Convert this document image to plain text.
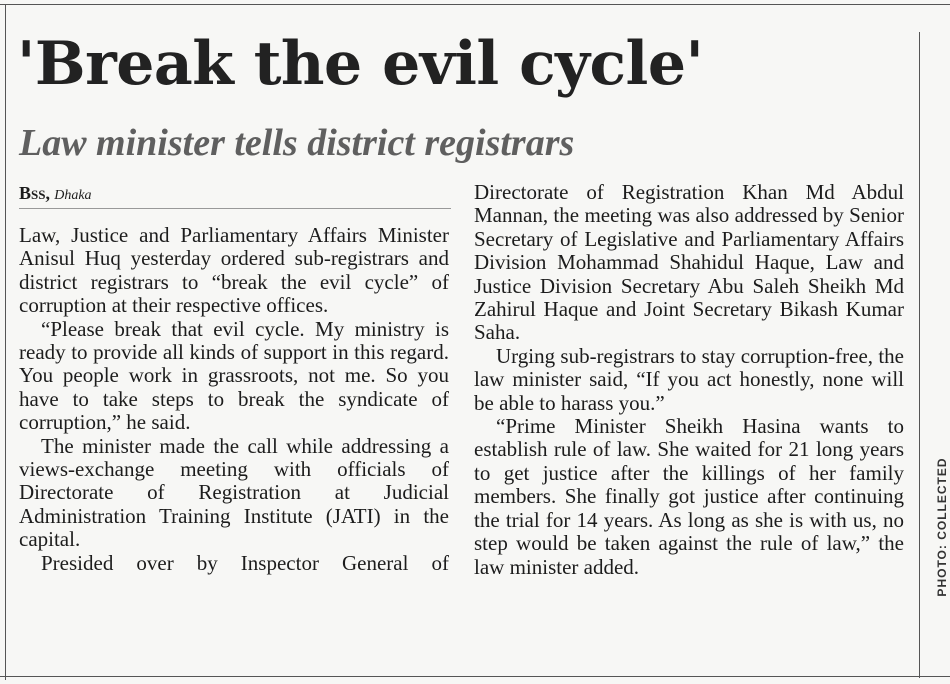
'Break the evil cycle'
Law minister tells district registrars
Bss, Dhaka

Law, Justice and Parliamentary Affairs Minister Anisul Huq yesterday ordered sub-registrars and district registrars to “break the evil cycle” of corruption at their respective offices.

“Please break that evil cycle. My ministry is ready to provide all kinds of support in this regard. You people work in grassroots, not me. So you have to take steps to break the syndicate of corruption,” he said.

The minister made the call while addressing a views-exchange meeting with officials of Directorate of Registration at Judicial Administration Training Institute (JATI) in the capital.

Presided over by Inspector General of

Directorate of Registration Khan Md Abdul Mannan, the meeting was also addressed by Senior Secretary of Legislative and Parliamentary Affairs Division Mohammad Shahidul Haque, Law and Justice Division Secretary Abu Saleh Sheikh Md Zahirul Haque and Joint Secretary Bikash Kumar Saha.

Urging sub-registrars to stay corruption-free, the law minister said, “If you act honestly, none will be able to harass you.”

“Prime Minister Sheikh Hasina wants to establish rule of law. She waited for 21 long years to get justice after the killings of her family members. She finally got justice after continuing the trial for 14 years. As long as she is with us, no step would be taken against the rule of law,” the law minister added.	PHOTO: COLLECTED
